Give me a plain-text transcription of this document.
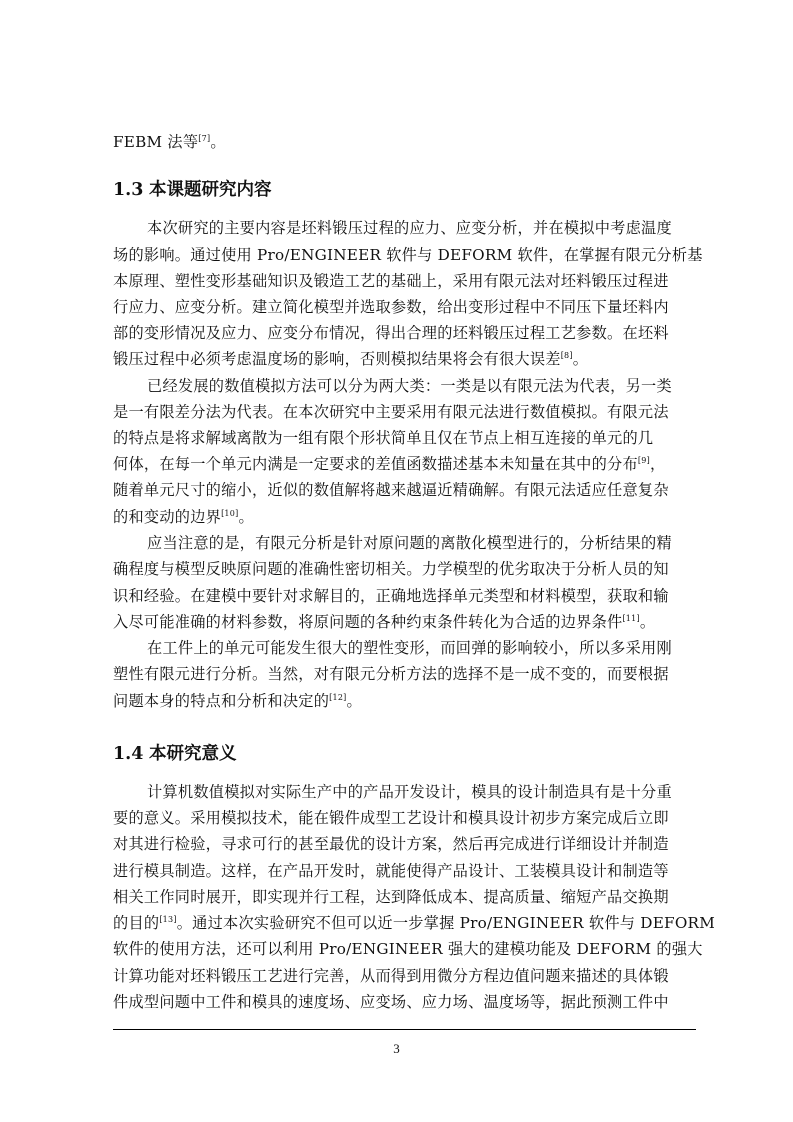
FEBM 法等[7]。
1.3 本课题研究内容
本次研究的主要内容是坯料锻压过程的应力、应变分析，并在模拟中考虑温度
场的影响。通过使用 Pro/ENGINEER 软件与 DEFORM 软件，在掌握有限元分析基
本原理、塑性变形基础知识及锻造工艺的基础上，采用有限元法对坯料锻压过程进
行应力、应变分析。建立简化模型并选取参数，给出变形过程中不同压下量坯料内
部的变形情况及应力、应变分布情况，得出合理的坯料锻压过程工艺参数。在坯料
锻压过程中必须考虑温度场的影响，否则模拟结果将会有很大误差[8]。
已经发展的数值模拟方法可以分为两大类：一类是以有限元法为代表，另一类
是一有限差分法为代表。在本次研究中主要采用有限元法进行数值模拟。有限元法
的特点是将求解域离散为一组有限个形状简单且仅在节点上相互连接的单元的几
何体，在每一个单元内满是一定要求的差值函数描述基本未知量在其中的分布[9]，
随着单元尺寸的缩小，近似的数值解将越来越逼近精确解。有限元法适应任意复杂
的和变动的边界[10]。
应当注意的是，有限元分析是针对原问题的离散化模型进行的，分析结果的精
确程度与模型反映原问题的准确性密切相关。力学模型的优劣取决于分析人员的知
识和经验。在建模中要针对求解目的，正确地选择单元类型和材料模型，获取和输
入尽可能准确的材料参数，将原问题的各种约束条件转化为合适的边界条件[11]。
在工件上的单元可能发生很大的塑性变形，而回弹的影响较小，所以多采用刚
塑性有限元进行分析。当然，对有限元分析方法的选择不是一成不变的，而要根据
问题本身的特点和分析和决定的[12]。
1.4 本研究意义
计算机数值模拟对实际生产中的产品开发设计，模具的设计制造具有是十分重
要的意义。采用模拟技术，能在锻件成型工艺设计和模具设计初步方案完成后立即
对其进行检验，寻求可行的甚至最优的设计方案，然后再完成进行详细设计并制造
进行模具制造。这样，在产品开发时，就能使得产品设计、工装模具设计和制造等
相关工作同时展开，即实现并行工程，达到降低成本、提高质量、缩短产品交换期
的目的[13]。通过本次实验研究不但可以近一步掌握 Pro/ENGINEER 软件与 DEFORM
软件的使用方法，还可以利用 Pro/ENGINEER 强大的建模功能及 DEFORM 的强大
计算功能对坯料锻压工艺进行完善，从而得到用微分方程边值问题来描述的具体锻
件成型问题中工件和模具的速度场、应变场、应力场、温度场等，据此预测工件中
3
